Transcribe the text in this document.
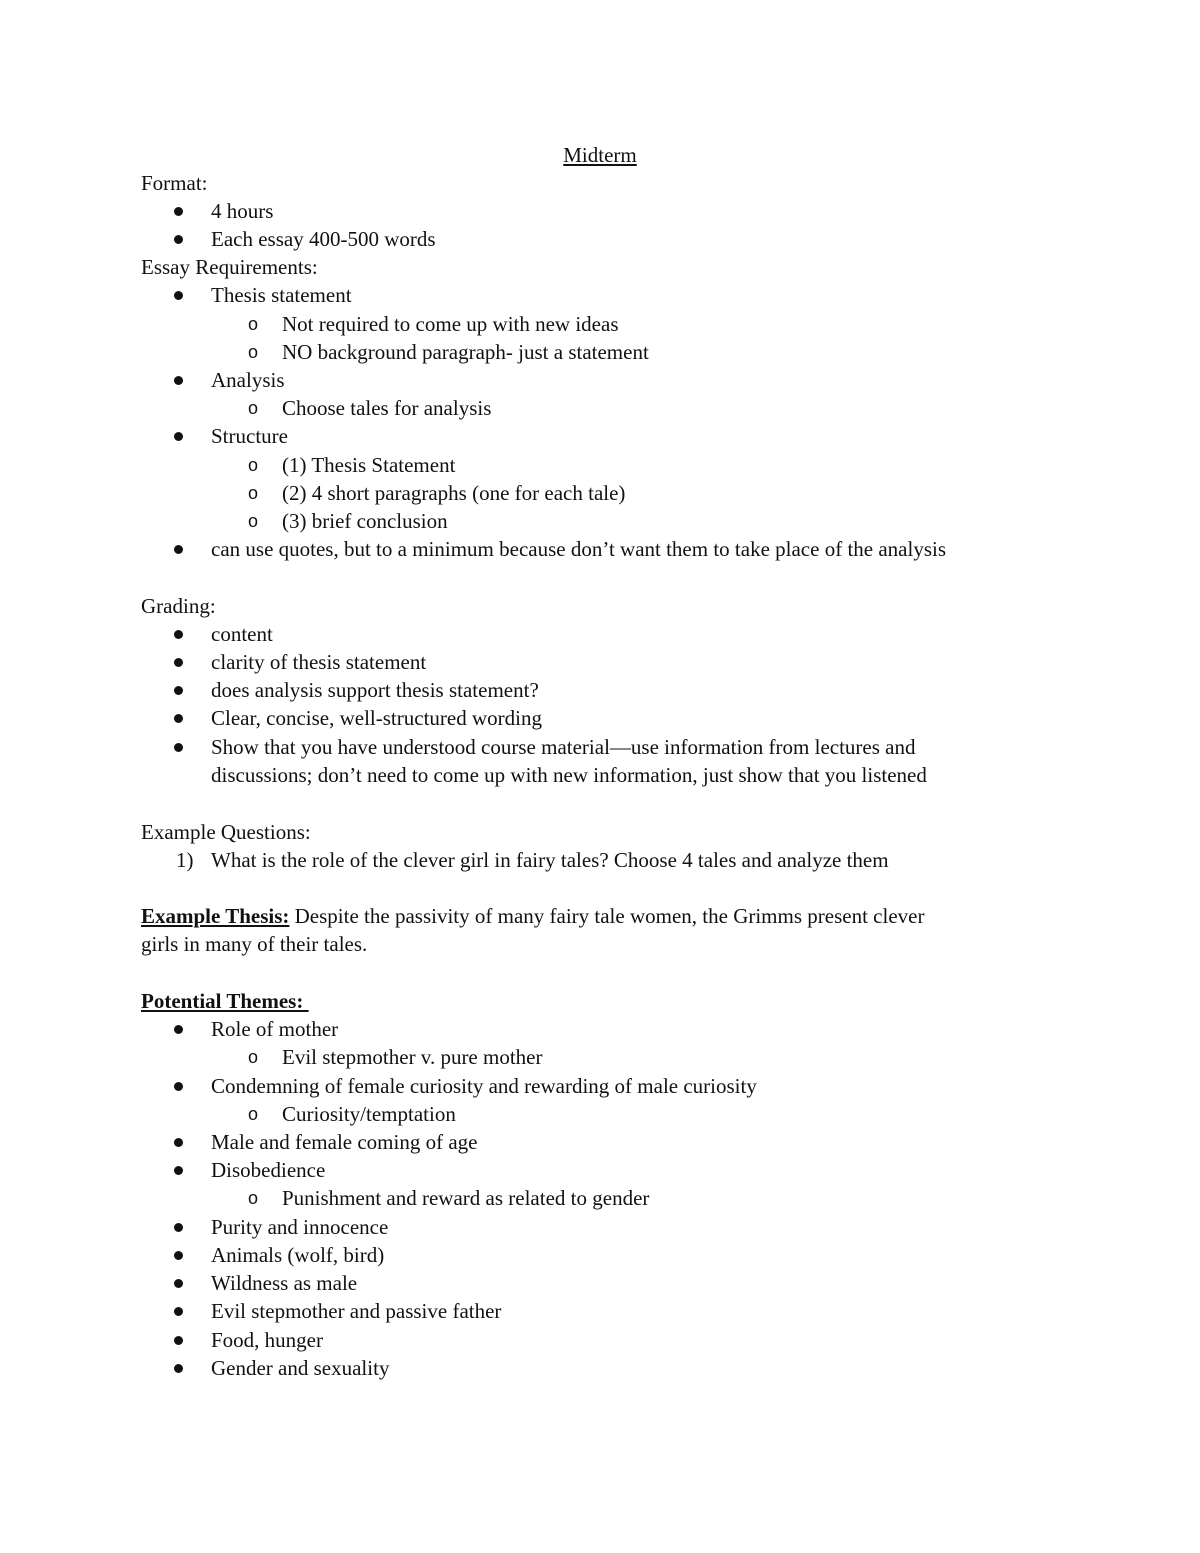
Midterm
Format:
4 hours
Each essay 400-500 words
Essay Requirements:
Thesis statement
o Not required to come up with new ideas
o NO background paragraph- just a statement
Analysis
o Choose tales for analysis
Structure
o (1) Thesis Statement
o (2) 4 short paragraphs (one for each tale)
o (3) brief conclusion
can use quotes, but to a minimum because don’t want them to take place of the analysis
Grading:
content
clarity of thesis statement
does analysis support thesis statement?
Clear, concise, well-structured wording
Show that you have understood course material—use information from lectures and
discussions; don’t need to come up with new information, just show that you listened
Example Questions:
1) What is the role of the clever girl in fairy tales? Choose 4 tales and analyze them
Example Thesis: Despite the passivity of many fairy tale women, the Grimms present clever
girls in many of their tales.
Potential Themes:
Role of mother
o Evil stepmother v. pure mother
Condemning of female curiosity and rewarding of male curiosity
o Curiosity/temptation
Male and female coming of age
Disobedience
o Punishment and reward as related to gender
Purity and innocence
Animals (wolf, bird)
Wildness as male
Evil stepmother and passive father
Food, hunger
Gender and sexuality
